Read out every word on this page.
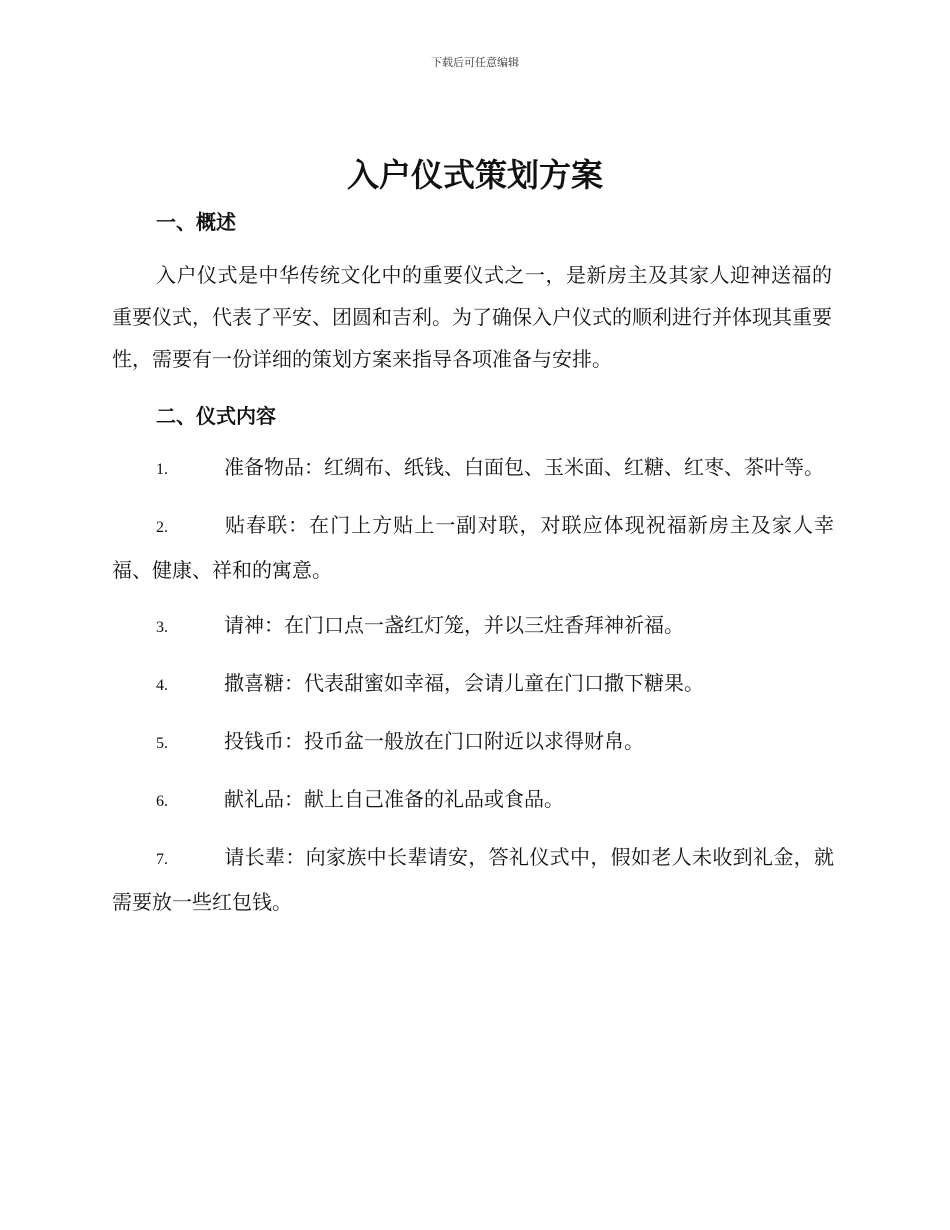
下载后可任意编辑
入户仪式策划方案
一、概述

入户仪式是中华传统文化中的重要仪式之一，是新房主及其家人迎神送福的重要仪式，代表了平安、团圆和吉利。为了确保入户仪式的顺利进行并体现其重要性，需要有一份详细的策划方案来指导各项准备与安排。

二、仪式内容
1.	准备物品：红绸布、纸钱、白面包、玉米面、红糖、红枣、茶叶等。
2.	贴春联：在门上方贴上一副对联，对联应体现祝福新房主及家人幸福、健康、祥和的寓意。
3.	请神：在门口点一盏红灯笼，并以三炷香拜神祈福。
4.	撒喜糖：代表甜蜜如幸福，会请儿童在门口撒下糖果。
5.	投钱币：投币盆一般放在门口附近以求得财帛。
6.	献礼品：献上自己准备的礼品或食品。
7.	请长辈：向家族中长辈请安，答礼仪式中，假如老人未收到礼金，就需要放一些红包钱。
